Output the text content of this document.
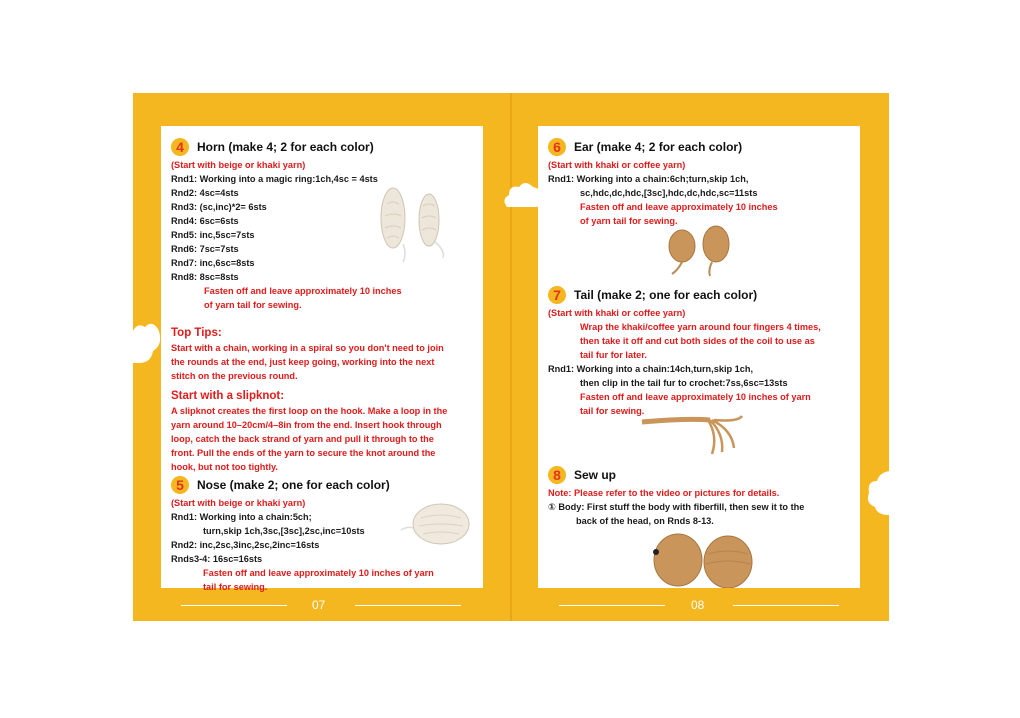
4	Horn (make 4; 2 for each color)
(Start with beige or khaki yarn)
Rnd1: Working into a magic ring:1ch,4sc = 4sts
Rnd2: 4sc=4sts
Rnd3: (sc,inc)*2= 6sts
Rnd4: 6sc=6sts
Rnd5: inc,5sc=7sts
Rnd6: 7sc=7sts
Rnd7: inc,6sc=8sts
Rnd8: 8sc=8sts
Fasten off and leave approximately 10 inches
of yarn tail for sewing.
Top Tips:
Start with a chain, working in a spiral so you don't need to join
the rounds at the end, just keep going, working into the next
stitch on the previous round.
Start with a slipknot:
A slipknot creates the first loop on the hook. Make a loop in the
yarn around 10–20cm/4–8in from the end. Insert hook through
loop, catch the back strand of yarn and pull it through to the
front. Pull the ends of the yarn to secure the knot around the
hook, but not too tightly.
5	Nose (make 2; one for each color)
(Start with beige or khaki yarn)
Rnd1: Working into a chain:5ch;
turn,skip 1ch,3sc,[3sc],2sc,inc=10sts
Rnd2: inc,2sc,3inc,2sc,2inc=16sts
Rnds3-4: 16sc=16sts
Fasten off and leave approximately 10 inches of yarn
tail for sewing.
6	Ear (make 4; 2 for each color)
(Start with khaki or coffee yarn)
Rnd1: Working into a chain:6ch;turn,skip 1ch,
sc,hdc,dc,hdc,[3sc],hdc,dc,hdc,sc=11sts
Fasten off and leave approximately 10 inches
of yarn tail for sewing.
7	Tail (make 2; one for each color)
(Start with khaki or coffee yarn)
Wrap the khaki/coffee yarn around four fingers 4 times,
then take it off and cut both sides of the coil to use as
tail fur for later.
Rnd1: Working into a chain:14ch,turn,skip 1ch,
then clip in the tail fur to crochet:7ss,6sc=13sts
Fasten off and leave approximately 10 inches of yarn
tail for sewing.
8	Sew up
Note: Please refer to the video or pictures for details.
① Body: First stuff the body with fiberfill, then sew it to the
back of the head, on Rnds 8-13.
07	08
